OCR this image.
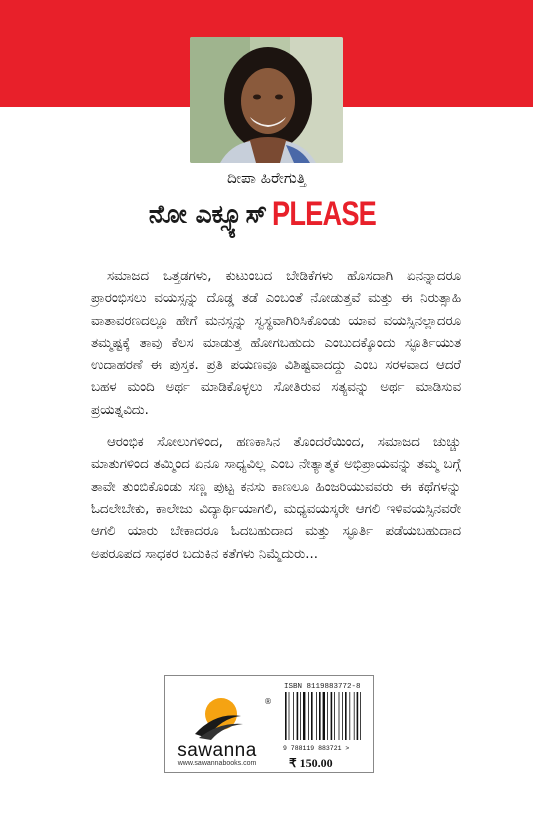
ದೀಪಾ ಹಿರೇಗುತ್ತಿ
ನೋ ಎಕ್ಸ್ಯೂಸ್ PLEASE

ಸಮಾಜದ ಒತ್ತಡಗಳು, ಕುಟುಂಬದ ಬೇಡಿಕೆಗಳು ಹೊಸದಾಗಿ ಏನನ್ನಾದರೂ ಪ್ರಾರಂಭಿಸಲು ವಯಸ್ಸನ್ನು ದೊಡ್ಡ ತಡೆ ಎಂಬಂತೆ ನೋಡುತ್ತವೆ ಮತ್ತು ಈ ನಿರುತ್ಸಾಹಿ ವಾತಾವರಣದಲ್ಲೂ ಹೇಗೆ ಮನಸ್ಸನ್ನು ಸ್ವಸ್ಥವಾಗಿರಿಸಿಕೊಂಡು ಯಾವ ವಯಸ್ಸಿನಲ್ಲಾದರೂ ತಮ್ಮಷ್ಟಕ್ಕೆ ತಾವು ಕೆಲಸ ಮಾಡುತ್ತ ಹೋಗಬಹುದು ಎಂಬುದಕ್ಕೊಂದು ಸ್ಫೂರ್ತಿಯುತ ಉದಾಹರಣೆ ಈ ಪುಸ್ತಕ. ಪ್ರತಿ ಪಯಣವೂ ವಿಶಿಷ್ಟವಾದದ್ದು ಎಂಬ ಸರಳವಾದ ಆದರೆ ಬಹಳ ಮಂದಿ ಅರ್ಥ ಮಾಡಿಕೊಳ್ಳಲು ಸೋತಿರುವ ಸತ್ಯವನ್ನು ಅರ್ಥ ಮಾಡಿಸುವ ಪ್ರಯತ್ನವಿದು.

ಆರಂಭಿಕ ಸೋಲುಗಳಿಂದ, ಹಣಕಾಸಿನ ತೊಂದರೆಯಿಂದ, ಸಮಾಜದ ಚುಚ್ಚು ಮಾತುಗಳಿಂದ ತಮ್ಮಿಂದ ಏನೂ ಸಾಧ್ಯವಿಲ್ಲ ಎಂಬ ನೇತ್ಯಾತ್ಮಕ ಅಭಿಪ್ರಾಯವನ್ನು ತಮ್ಮ ಬಗ್ಗೆ ತಾವೇ ತುಂಬಿಕೊಂಡು ಸಣ್ಣ ಪುಟ್ಟ ಕನಸು ಕಾಣಲೂ ಹಿಂಜರಿಯುವವರು ಈ ಕಥೆಗಳನ್ನು ಓದಲೇಬೇಕು, ಕಾಲೇಜು ವಿದ್ಯಾರ್ಥಿಯಾಗಲಿ, ಮಧ್ಯವಯಸ್ಕರೇ ಆಗಲಿ ಇಳಿವಯಸ್ಸಿನವರೇ ಆಗಲಿ ಯಾರು ಬೇಕಾದರೂ ಓದಬಹುದಾದ ಮತ್ತು ಸ್ಫೂರ್ತಿ ಪಡೆಯಬಹುದಾದ ಅಪರೂಪದ ಸಾಧಕರ ಬದುಕಿನ ಕತೆಗಳು ನಿಮ್ಮೆದುರು...

®
sawanna
www.sawannabooks.com
ISBN 8119883772-8
9 788119 883721 >
₹ 150.00
